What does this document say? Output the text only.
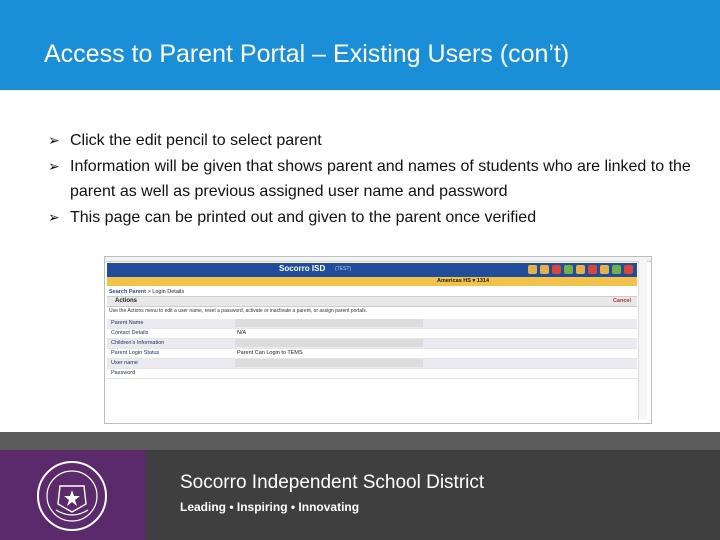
Access to Parent Portal – Existing Users (con’t)
➢ Click the edit pencil to select parent
➢ Information will be given that shows parent and names of students who are linked to the parent as well as previous assigned user name and password
➢ This page can be printed out and given to the parent once verified
Socorro ISD (TEST)
Americas HS ▾ 1314
Search Parent > Login Details
Actions	Cancel
Use the Actions menu to edit a user name, reset a password, activate or inactivate a parent, or assign parent portals.
Parent Name
Contact Details	N/A
Children's Information
Parent Login Status	Parent Can Login to TEMS
User name
Password
Socorro Independent School District
Leading • Inspiring • Innovating
